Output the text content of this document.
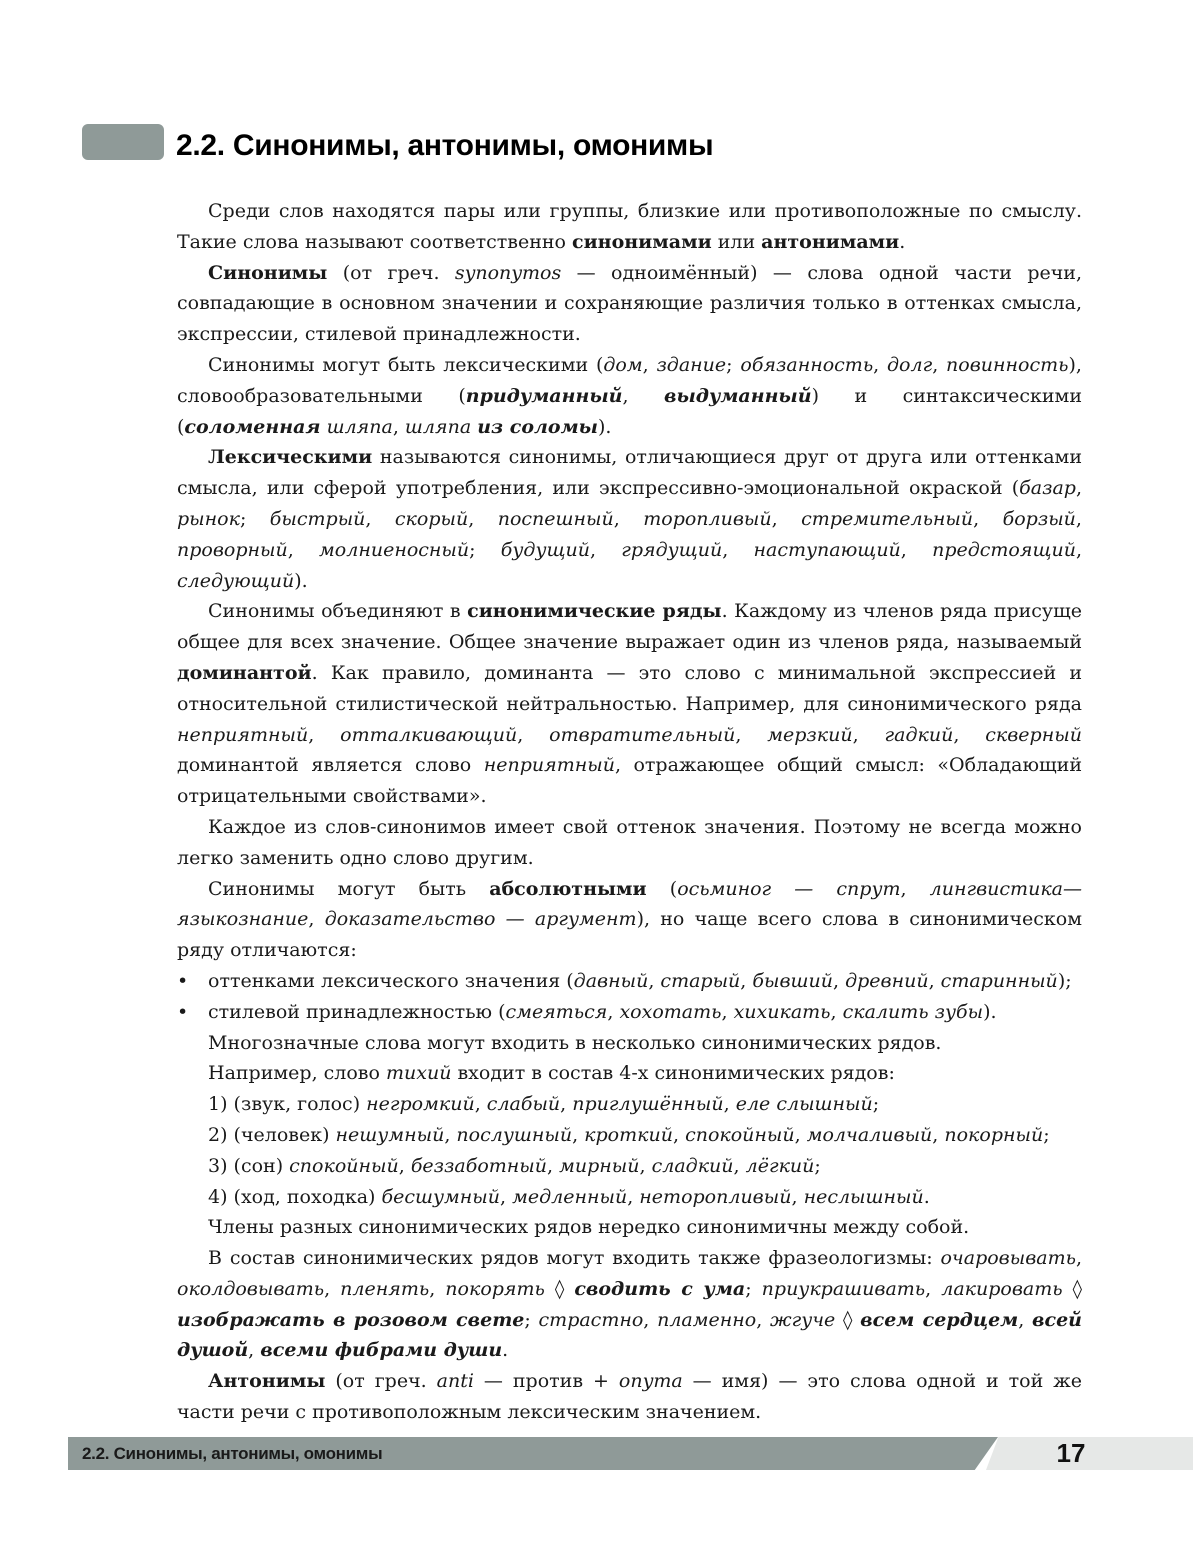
2.2. Синонимы, антонимы, омонимы

Среди слов находятся пары или группы, близкие или противоположные по смыслу. Такие слова называют соответственно синонимами или антонимами.

Синонимы (от греч. synonymos — одноимённый) — слова одной части речи, совпадающие в основном значении и сохраняющие различия только в оттенках смысла, экспрессии, стилевой принадлежности.

Синонимы могут быть лексическими (дом, здание; обязанность, долг, повинность), словообразовательными (придуманный, выдуманный) и синтаксическими (соломенная шляпа, шляпа из соломы).

Лексическими называются синонимы, отличающиеся друг от друга или оттенками смысла, или сферой употребления, или экспрессивно-эмоциональной окраской (базар, рынок; быстрый, скорый, поспешный, торопливый, стремительный, борзый, проворный, молниеносный; будущий, грядущий, наступающий, предстоящий, следующий).

Синонимы объединяют в синонимические ряды. Каждому из членов ряда присуще общее для всех значение. Общее значение выражает один из членов ряда, называемый доминантой. Как правило, доминанта — это слово с минимальной экспрессией и относительной стилистической нейтральностью. Например, для синонимического ряда неприятный, отталкивающий, отвратительный, мерзкий, гадкий, скверный доминантой является слово неприятный, отражающее общий смысл: «Обладающий отрицательными свойствами».

Каждое из слов-синонимов имеет свой оттенок значения. Поэтому не всегда можно легко заменить одно слово другим.

Синонимы могут быть абсолютными (осьминог — спрут, лингвистика—языкознание, доказательство — аргумент), но чаще всего слова в синонимическом ряду отличаются:

• оттенками лексического значения (давный, старый, бывший, древний, старинный);
• стилевой принадлежностью (смеяться, хохотать, хихикать, скалить зубы).

Многозначные слова могут входить в несколько синонимических рядов.

Например, слово тихий входит в состав 4-х синонимических рядов:

1) (звук, голос) негромкий, слабый, приглушённый, еле слышный;

2) (человек) нешумный, послушный, кроткий, спокойный, молчаливый, покорный;

3) (сон) спокойный, беззаботный, мирный, сладкий, лёгкий;

4) (ход, походка) бесшумный, медленный, неторопливый, неслышный.

Члены разных синонимических рядов нередко синонимичны между собой.

В состав синонимических рядов могут входить также фразеологизмы: очаровывать, околдовывать, пленять, покорять ◊ сводить с ума; приукрашивать, лакировать ◊ изображать в розовом свете; страстно, пламенно, жгуче ◊ всем сердцем, всей душой, всеми фибрами души.

Антонимы (от греч. anti — против + onyma — имя) — это слова одной и той же части речи с противоположным лексическим значением.

2.2. Синонимы, антонимы, омонимы	17
